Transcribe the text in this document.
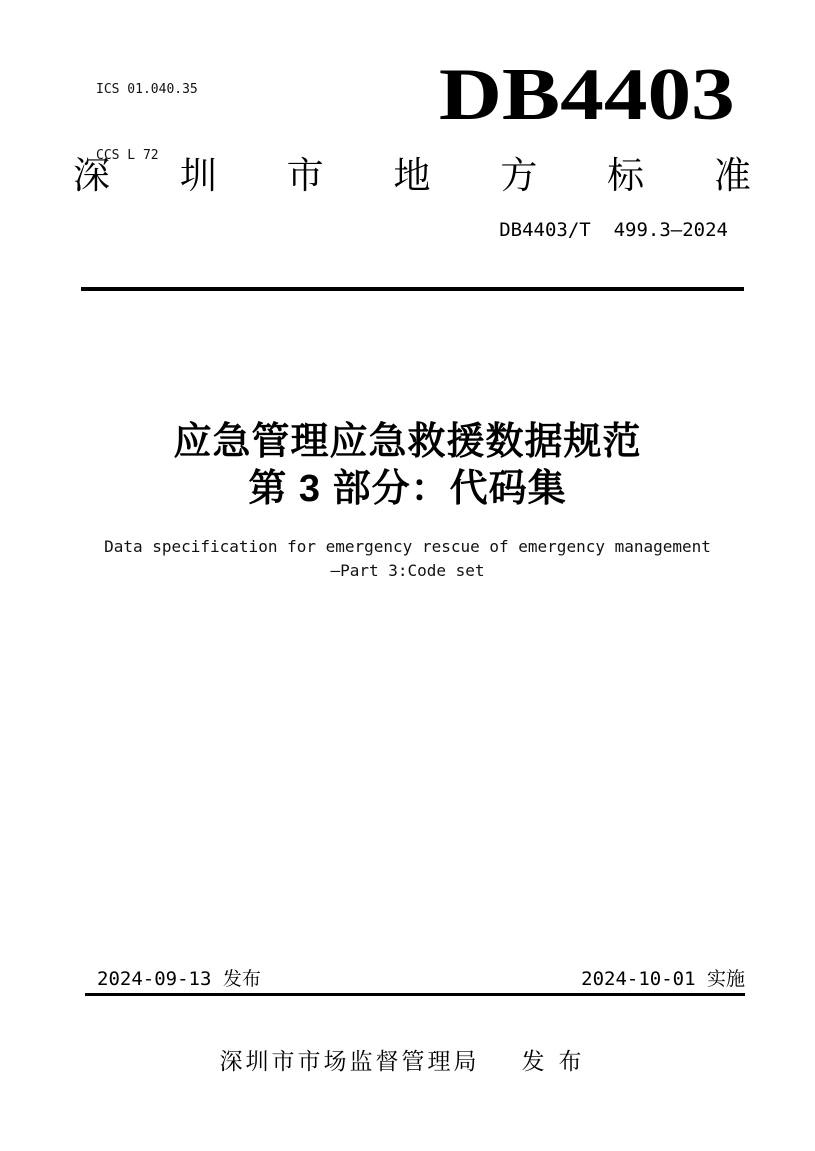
ICS 01.040.35

CCS L 72

DB4403
深 圳 市 地 方 标 准
DB4403/T  499.3—2024
应急管理应急救援数据规范
第 3 部分：代码集
Data specification for emergency rescue of emergency management
—Part 3:Code set
2024-09-13 发布	2024-10-01 实施
深圳市市场监督管理局 发布
